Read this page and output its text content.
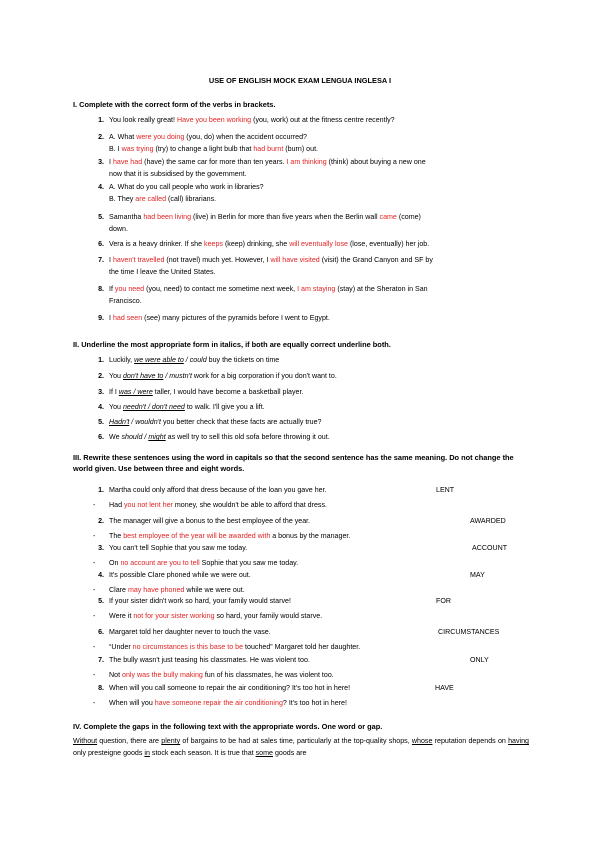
USE OF ENGLISH MOCK EXAM LENGUA INGLESA I
I. Complete with the correct form of the verbs in brackets.
1. You look really great! Have you been working (you, work) out at the fitness centre recently?
2. A. What were you doing (you, do) when the accident occurred?
B. I was trying (try) to change a light bulb that had burnt (burn) out.
3. I have had (have) the same car for more than ten years. I am thinking (think) about buying a new one
now that it is subsidised by the government.
4. A. What do you call people who work in libraries?
B. They are called (call) librarians.
5. Samantha had been living (live) in Berlin for more than five years when the Berlin wall came (come)
down.
6. Vera is a heavy drinker. If she keeps (keep) drinking, she will eventually lose (lose, eventually) her job.
7. I haven't travelled (not travel) much yet. However, I will have visited (visit) the Grand Canyon and SF by
the time I leave the United States.
8. If you need (you, need) to contact me sometime next week, I am staying (stay) at the Sheraton in San
Francisco.
9. I had seen (see) many pictures of the pyramids before I went to Egypt.
II. Underline the most appropriate form in italics, if both are equally correct underline both.
1. Luckily, we were able to / could buy the tickets on time
2. You don't have to / mustn't work for a big corporation if you don't want to.
3. If I was / were taller, I would have become a basketball player.
4. You needn't / don't need to walk. I'll give you a lift.
5. Hadn't / wouldn't you better check that these facts are actually true?
6. We should / might as well try to sell this old sofa before throwing it out.
III. Rewrite these sentences using the word in capitals so that the second sentence has the same meaning. Do not change the world given. Use between three and eight words.
1. Martha could only afford that dress because of the loan you gave her.	LENT
- Had you not lent her money, she wouldn't be able to afford that dress.
2. The manager will give a bonus to the best employee of the year.	AWARDED
- The best employee of the year will be awarded with a bonus by the manager.
3. You can't tell Sophie that you saw me today.	ACCOUNT
- On no account are you to tell Sophie that you saw me today.
4. It's possible Clare phoned while we were out.	MAY
- Clare may have phoned while we were out.
5. If your sister didn't work so hard, your family would starve!	FOR
- Were it not for your sister working so hard, your family would starve.
6. Margaret told her daughter never to touch the vase.	CIRCUMSTANCES
- “Under no circumstances is this base to be touched” Margaret told her daughter.
7. The bully wasn't just teasing his classmates. He was violent too.	ONLY
- Not only was the bully making fun of his classmates, he was violent too.
8. When will you call someone to repair the air conditioning? It's too hot in here!	HAVE
- When will you have someone repair the air conditioning? It's too hot in here!
IV. Complete the gaps in the following text with the appropriate words. One word or gap.
Without question, there are plenty of bargains to be had at sales time, particularly at the top-quality shops, whose reputation depends on having only presteigne goods in stock each season. It is true that some goods are
